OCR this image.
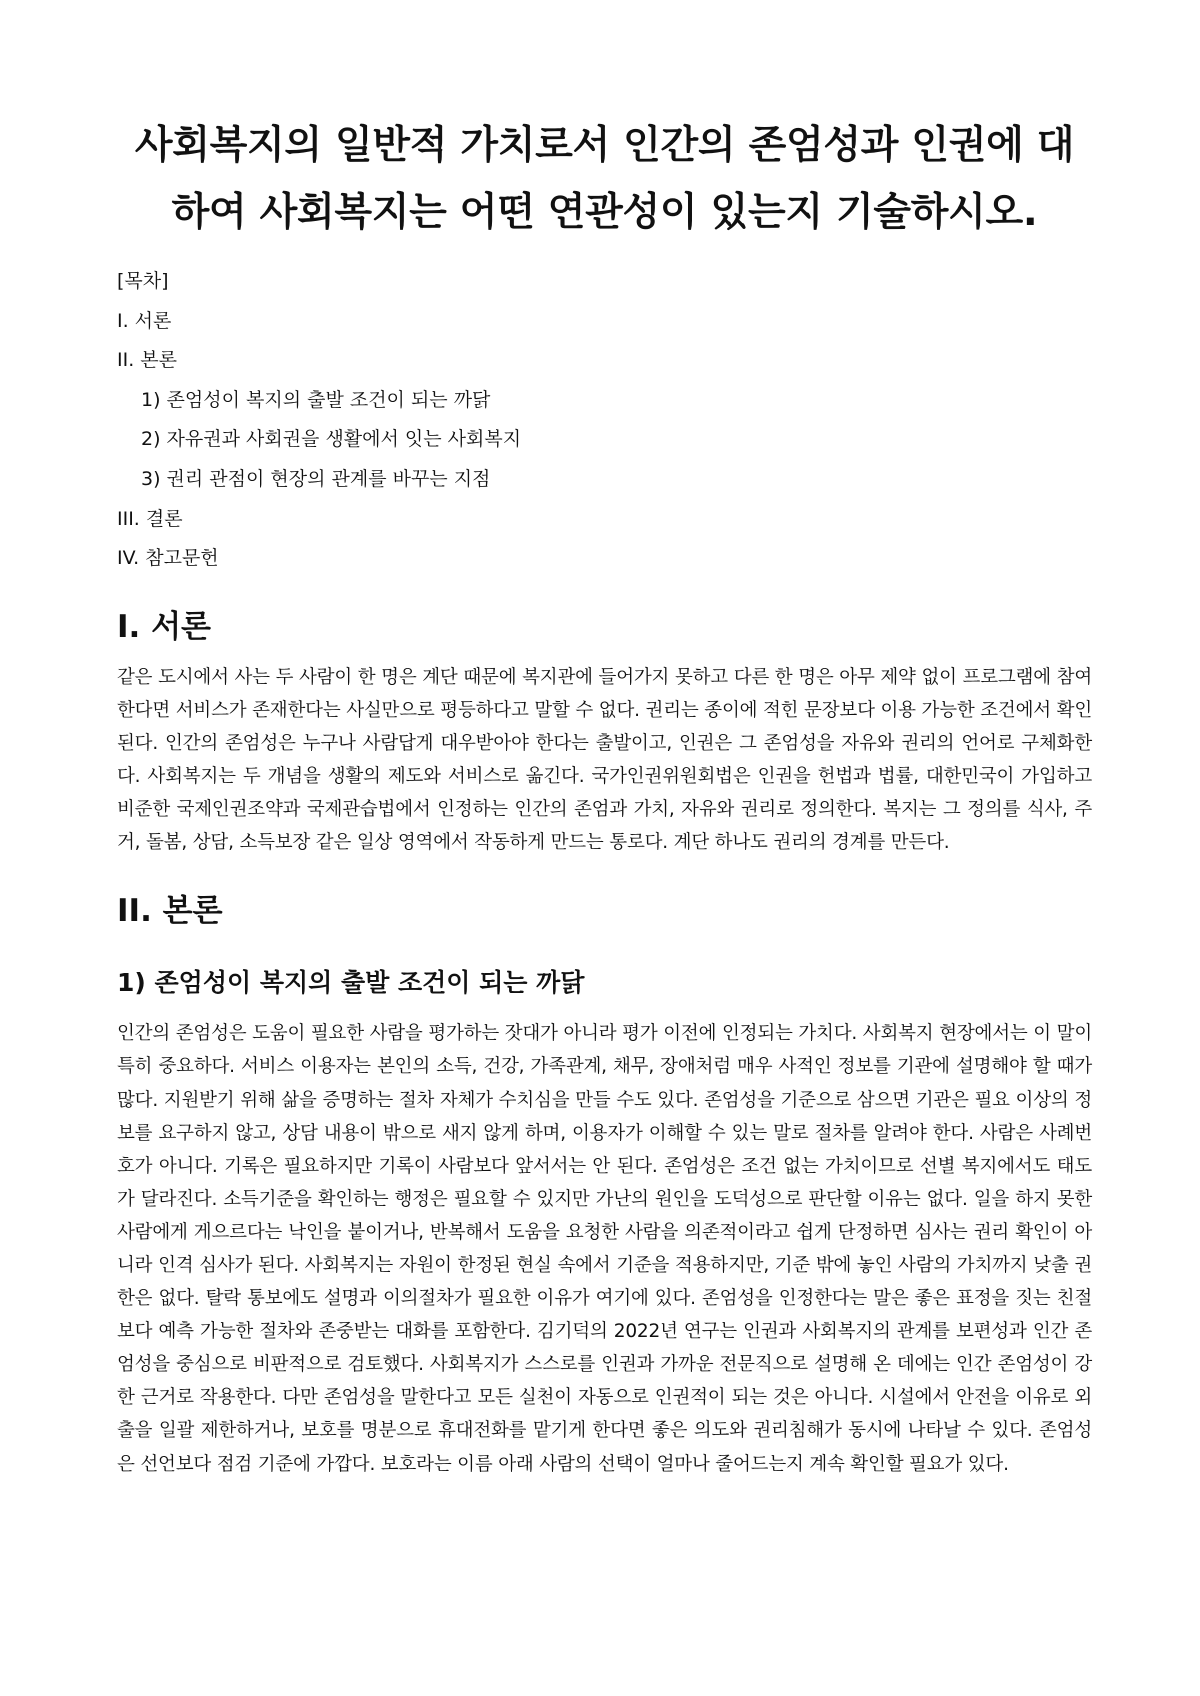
사회복지의 일반적 가치로서 인간의 존엄성과 인권에 대하여 사회복지는 어떤 연관성이 있는지 기술하시오.
[목차]
I. 서론
II. 본론
1) 존엄성이 복지의 출발 조건이 되는 까닭
2) 자유권과 사회권을 생활에서 잇는 사회복지
3) 권리 관점이 현장의 관계를 바꾸는 지점
III. 결론
IV. 참고문헌
I. 서론

같은 도시에서 사는 두 사람이 한 명은 계단 때문에 복지관에 들어가지 못하고 다른 한 명은 아무 제약 없이 프로그램에 참여한다면 서비스가 존재한다는 사실만으로 평등하다고 말할 수 없다. 권리는 종이에 적힌 문장보다 이용 가능한 조건에서 확인된다. 인간의 존엄성은 누구나 사람답게 대우받아야 한다는 출발이고, 인권은 그 존엄성을 자유와 권리의 언어로 구체화한다. 사회복지는 두 개념을 생활의 제도와 서비스로 옮긴다. 국가인권위원회법은 인권을 헌법과 법률, 대한민국이 가입하고 비준한 국제인권조약과 국제관습법에서 인정하는 인간의 존엄과 가치, 자유와 권리로 정의한다. 복지는 그 정의를 식사, 주거, 돌봄, 상담, 소득보장 같은 일상 영역에서 작동하게 만드는 통로다. 계단 하나도 권리의 경계를 만든다.

II. 본론
1) 존엄성이 복지의 출발 조건이 되는 까닭

인간의 존엄성은 도움이 필요한 사람을 평가하는 잣대가 아니라 평가 이전에 인정되는 가치다. 사회복지 현장에서는 이 말이 특히 중요하다. 서비스 이용자는 본인의 소득, 건강, 가족관계, 채무, 장애처럼 매우 사적인 정보를 기관에 설명해야 할 때가 많다. 지원받기 위해 삶을 증명하는 절차 자체가 수치심을 만들 수도 있다. 존엄성을 기준으로 삼으면 기관은 필요 이상의 정보를 요구하지 않고, 상담 내용이 밖으로 새지 않게 하며, 이용자가 이해할 수 있는 말로 절차를 알려야 한다. 사람은 사례번호가 아니다. 기록은 필요하지만 기록이 사람보다 앞서서는 안 된다. 존엄성은 조건 없는 가치이므로 선별 복지에서도 태도가 달라진다. 소득기준을 확인하는 행정은 필요할 수 있지만 가난의 원인을 도덕성으로 판단할 이유는 없다. 일을 하지 못한 사람에게 게으르다는 낙인을 붙이거나, 반복해서 도움을 요청한 사람을 의존적이라고 쉽게 단정하면 심사는 권리 확인이 아니라 인격 심사가 된다. 사회복지는 자원이 한정된 현실 속에서 기준을 적용하지만, 기준 밖에 놓인 사람의 가치까지 낮출 권한은 없다. 탈락 통보에도 설명과 이의절차가 필요한 이유가 여기에 있다. 존엄성을 인정한다는 말은 좋은 표정을 짓는 친절보다 예측 가능한 절차와 존중받는 대화를 포함한다. 김기덕의 2022년 연구는 인권과 사회복지의 관계를 보편성과 인간 존엄성을 중심으로 비판적으로 검토했다. 사회복지가 스스로를 인권과 가까운 전문직으로 설명해 온 데에는 인간 존엄성이 강한 근거로 작용한다. 다만 존엄성을 말한다고 모든 실천이 자동으로 인권적이 되는 것은 아니다. 시설에서 안전을 이유로 외출을 일괄 제한하거나, 보호를 명분으로 휴대전화를 맡기게 한다면 좋은 의도와 권리침해가 동시에 나타날 수 있다. 존엄성은 선언보다 점검 기준에 가깝다. 보호라는 이름 아래 사람의 선택이 얼마나 줄어드는지 계속 확인할 필요가 있다.
